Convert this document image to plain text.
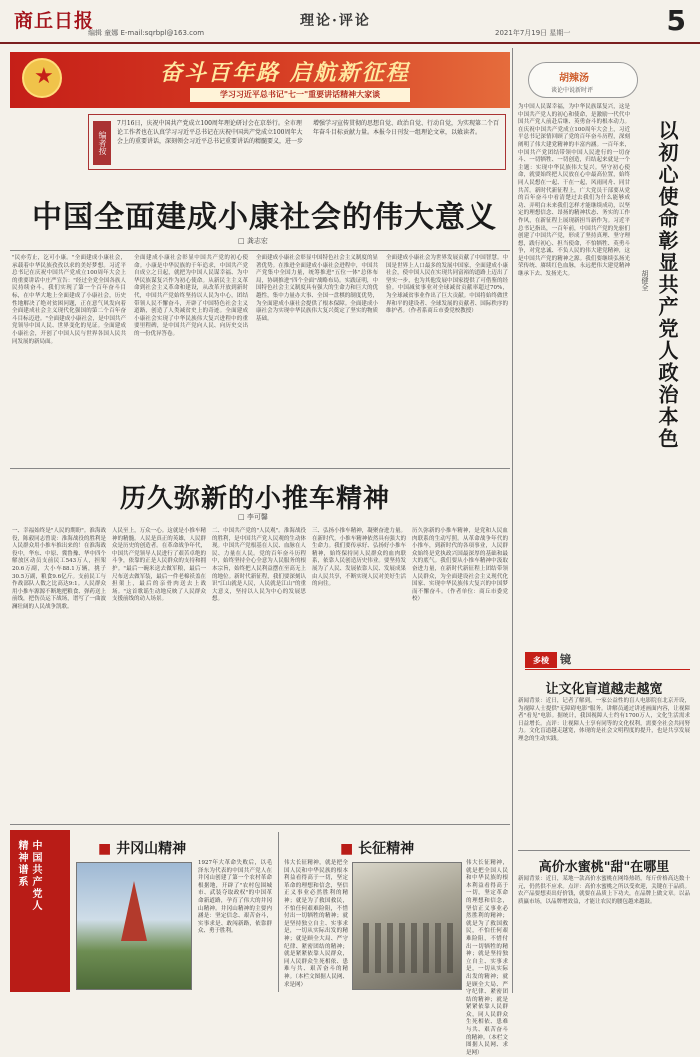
商丘日报
编辑 童娜 E-mail:sqrbpl@163.com
理论·评论
2021年7月19日 星期一	5
★
奋斗百年路 启航新征程
学习习近平总书记"七一"重要讲话精神大家谈
编者按
7月16日，庆祝中国共产党成立100周年理论研讨会在京举行。全市理论工作者也在认真学习习近平总书记在庆祝中国共产党成立100周年大会上的重要讲话，深刻领会习近平总书记重要讲话的精髓要义，进一步增强学习宣传贯彻的思想自觉、政治自觉、行动自觉，为实现第二个百年奋斗目标贡献力量。本报今日刊发一组理论文章，以飨读者。
中国全面建成小康社会的伟大意义
□ 龚志宏
"民亦劳止，汔可小康。"全面建成小康社会，承载着中华民族孜孜以求的美好梦想。习近平总书记在庆祝中国共产党成立100周年大会上的重要讲话中庄严宣告："经过全党全国各族人民持续奋斗，我们实现了第一个百年奋斗目标，在中华大地上全面建成了小康社会，历史性地解决了绝对贫困问题，正在意气风发向着全面建成社会主义现代化强国的第二个百年奋斗目标迈进。"全面建成小康社会，是中国共产党领导中国人民、世界变化的见证。全面建成小康社会，开创了中国人民与世界各国人民共同发展的新局面。
全面建成小康社会彰显中国共产党的初心使命。小康是中华民族的千年追求，中国共产党自成立之日起，就把为中国人民谋幸福、为中华民族谋复兴作为初心使命。从新民主主义革命到社会主义革命和建设，从改革开放到新时代，中国共产党始终坚持以人民为中心，团结带领人民不懈奋斗，开辟了中国特色社会主义道路，创造了人类减贫史上的奇迹。全面建成小康社会实现了中华民族伟大复兴进程中的重要里程碑，是中国共产党向人民、向历史交出的一份优异答卷。
全面建成小康社会彰显中国特色社会主义制度的显著优势。在推进全面建成小康社会进程中，中国共产党集中全国力量，统筹推进"五位一体"总体布局，协调推进"四个全面"战略布局。实践证明，中国特色社会主义制度具有强大的生命力和巨大的优越性，集中力量办大事、全国一盘棋的制度优势，为全面建成小康社会提供了根本保障。全面建成小康社会为实现中华民族伟大复兴奠定了坚实的物质基础。
全面建成小康社会为世界发展贡献了中国智慧。中国是世界上人口最多的发展中国家，全面建成小康社会，使中国人民在实现共同富裕的道路上迈出了坚实一步，也为其他发展中国家提供了可借鉴的经验。中国减贫事业对全球减贫贡献率超过70%，为全球减贫事业作出了巨大贡献。中国将始终做世界和平的建设者、全球发展的贡献者、国际秩序的维护者。（作者系商丘市委党校教授）
历久弥新的小推车精神
□ 李可馨
一、幸福始终是"人民的期盼"。淮海战役，陈毅同志曾说：淮海战役的胜利是人民群众用小推车推出来的！在淮海战役中，华东、中原、冀鲁豫、华中四个解放区动员支前民工543万人，担架20.6万副，大小车88.1万辆，挑子30.5万副，粮食9.6亿斤。支前民工与作战部队人数之比高达9:1。人民群众用小推车源源不断地把粮食、弹药送上前线，把伤员运下战场，谱写了一曲波澜壮阔的人民战争凯歌。
人民至上，万众一心。这就是小推车精神的精髓。人民是真正的英雄，人民群众是历史的创造者。在革命战争年代，中国共产党领导人民进行了艰苦卓绝的斗争，依靠的正是人民群众的支持和拥护。"最后一碗米送去做军粮，最后一尺布送去做军装，最后一件老棉袄盖在担架上，最后的亲骨肉送去上战场。"这首歌谣生动地反映了人民群众支援前线的动人场景。
二、中国共产党的"人民观"。淮海战役的胜利，是中国共产党人民观的生动体现。中国共产党根基在人民、血脉在人民、力量在人民。党的百年奋斗历程中，始终坚持全心全意为人民服务的根本宗旨，始终把人民利益摆在至高无上的地位。新时代新征程，我们要深刻认识"江山就是人民，人民就是江山"的重大意义，坚持以人民为中心的发展思想。
三、弘扬小推车精神，凝聚奋进力量。在新时代，小推车精神依然具有强大的生命力。我们要传承好、弘扬好小推车精神，始终保持同人民群众的血肉联系，依靠人民创造历史伟业。要坚持发展为了人民、发展依靠人民、发展成果由人民共享，不断实现人民对美好生活的向往。
历久弥新的小推车精神，是党和人民血肉联系的生动写照。从革命战争年代的小推车，到新时代的各项事业，人民群众始终是党执政兴国最深厚的基础和最大的底气。我们要从小推车精神中汲取奋进力量，在新时代新征程上团结带领人民群众，为全面建设社会主义现代化国家、实现中华民族伟大复兴的中国梦而不懈奋斗。（作者单位：商丘市委党校）
胡辣汤
谈论中说新时评
为中国人民谋幸福，为中华民族谋复兴，这是中国共产党人的初心和使命，是激励一代代中国共产党人前赴后继、英勇奋斗的根本动力。在庆祝中国共产党成立100周年大会上，习近平总书记深情回顾了党的百年奋斗历程，深刻阐明了伟大建党精神的丰富内涵。一百年来，中国共产党团结带领中国人民进行的一切奋斗、一切牺牲、一切创造，归结起来就是一个主题：实现中华民族伟大复兴。坚守初心使命，就要始终把人民放在心中最高位置，始终同人民想在一起、干在一起，风雨同舟、同甘共苦。新时代新征程上，广大党员干部要从党的百年奋斗中看清楚过去我们为什么能够成功、弄明白未来我们怎样才能继续成功，以坚定的理想信念、昂扬的精神状态、务实的工作作风，在新征程上展现新担当新作为。习近平总书记指出，一百年前，中国共产党的先驱们创建了中国共产党，形成了坚持真理、坚守理想，践行初心、担当使命，不怕牺牲、英勇斗争，对党忠诚、不负人民的伟大建党精神，这是中国共产党的精神之源。我们要继续弘扬光荣传统、赓续红色血脉，永远把伟大建党精神继承下去、发扬光大。	以初心使命彰显共产党人政治本色
胡健全
多棱	镜
让文化盲道越走越宽
新闻背景：近日，记者了解到，一家公益性的盲人电影院在北京开设，为视障人士提供"无障碍电影"服务。讲解员通过讲述画面内容，让视障者"看见"电影。据统计，我国视障人士约有1700万人，文化生活需求日益增长。点评：让视障人士享有同等的文化权利，需要全社会共同努力。文化盲道越走越宽，体现的是社会文明程度的提升，也是共享发展理念的生动实践。
高价水蜜桃"甜"在哪里
新闻背景：近日，某地一款高价水蜜桃在网络热销，每斤价格高达数十元，仍然供不应求。点评：高价水蜜桃之所以受欢迎，关键在于品质。农产品要想卖出好价钱，就要在品质上下功夫，在品牌上做文章。以品质赢市场，以品牌增效益，才能让农民的腰包越来越鼓。
中国共产党人
精神谱系
■	井冈山精神
1927年大革命失败后，以毛泽东为代表的中国共产党人在井冈山创建了第一个农村革命根据地，开辟了"农村包围城市、武装夺取政权"的中国革命新道路，孕育了伟大的井冈山精神。井冈山精神的主要内涵是：坚定信念、艰苦奋斗，实事求是、敢闯新路，依靠群众、勇于胜利。
■ 长征精神
伟大长征精神，就是把全国人民和中华民族的根本利益看得高于一切，坚定革命的理想和信念，坚信正义事业必然胜利的精神；就是为了救国救民，不怕任何艰难险阻，不惜付出一切牺牲的精神；就是坚持独立自主、实事求是，一切从实际出发的精神；就是顾全大局、严守纪律、紧密团结的精神；就是紧紧依靠人民群众，同人民群众生死相依、患难与共、艰苦奋斗的精神。（本栏文图据人民网、求是网）
伟大长征精神，就是把全国人民和中华民族的根本利益看得高于一切，坚定革命的理想和信念，坚信正义事业必然胜利的精神；就是为了救国救民，不怕任何艰难险阻，不惜付出一切牺牲的精神；就是坚持独立自主、实事求是，一切从实际出发的精神；就是顾全大局、严守纪律、紧密团结的精神；就是紧紧依靠人民群众，同人民群众生死相依、患难与共、艰苦奋斗的精神。（本栏文图据人民网、求是网）
